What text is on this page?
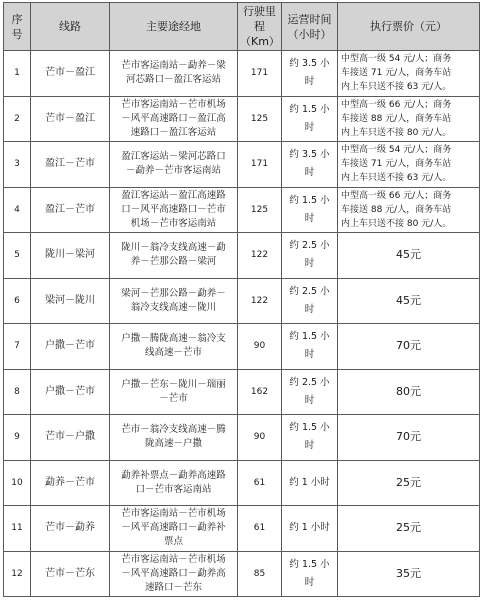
序
号	线路	主要途经地	行驶里
程
（Km）	运营时间
（小时）	执行票价（元）
1	芒市－盈江	芒市客运南站－勐养－梁
河芯路口－盈江客运站	171	约 3.5 小
时	中型高一级 54 元/人；商务
车接送 71 元/人，商务车站
内上车只送不接 63 元/人。
2	芒市－盈江	芒市客运南站－芒市机场
－风平高速路口－盈江高
速路口－盈江客运站	125	约 1.5 小
时	中型高一级 66 元/人；商务
车接送 88 元/人，商务车站
内上车只送不接 80 元/人。
3	盈江－芒市	盈江客运站－梁河芯路口
－勐养－芒市客运南站	171	约 3.5 小
时	中型高一级 54 元/人；商务
车接送 71 元/人，商务车站
内上车只送不接 63 元/人。
4	盈江－芒市	盈江客运站－盈江高速路
口－风平高速路口－芒市
机场－芒市客运南站	125	约 1.5 小
时	中型高一级 66 元/人；商务
车接送 88 元/人，商务车站
内上车只送不接 80 元/人。
5	陇川－梁河	陇川－翁冷支线高速－勐
养－芒那公路－梁河	122	约 2.5 小
时	45元
6	梁河－陇川	梁河－芒那公路－勐养－
翁冷支线高速－陇川	122	约 2.5 小
时	45元
7	户撒－芒市	户撒－腾陇高速－翁冷支
线高速－芒市	90	约 1.5 小
时	70元
8	户撒－芒市	户撒－芒东－陇川－瑞丽
－芒市	162	约 2.5 小
时	80元
9	芒市－户撒	芒市－翁冷支线高速－腾
陇高速－户撒	90	约 1.5 小
时	70元
10	勐养－芒市	勐养补票点－勐养高速路
口－芒市客运南站	61	约 1 小时	25元
11	芒市－勐养	芒市客运南站－芒市机场
－风平高速路口－勐养补
票点	61	约 1 小时	25元
12	芒市－芒东	芒市客运南站－芒市机场
－风平高速路口－勐养高
速路口－芒东	85	约 1.5 小
时	35元
